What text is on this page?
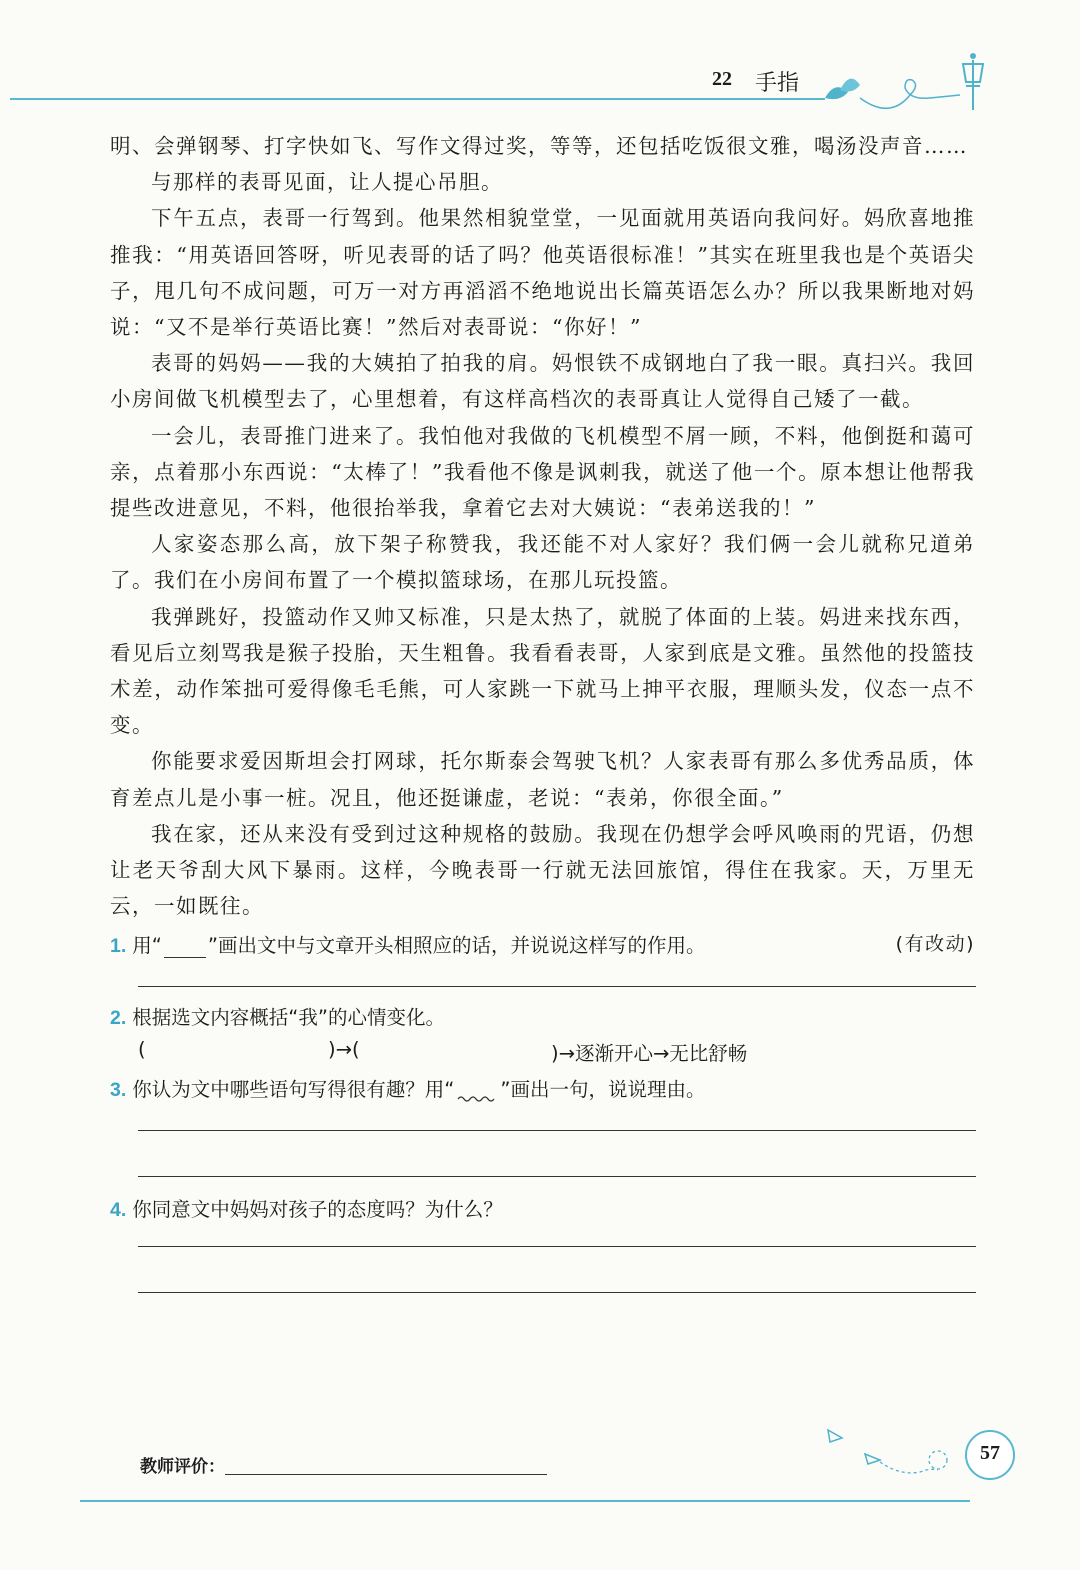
22 手指

明、会弹钢琴、打字快如飞、写作文得过奖，等等，还包括吃饭很文雅，喝汤没声音……

与那样的表哥见面，让人提心吊胆。

下午五点，表哥一行驾到。他果然相貌堂堂，一见面就用英语向我问好。妈欣喜地推推我：“用英语回答呀，听见表哥的话了吗？他英语很标准！”其实在班里我也是个英语尖子，甩几句不成问题，可万一对方再滔滔不绝地说出长篇英语怎么办？所以我果断地对妈说：“又不是举行英语比赛！”然后对表哥说：“你好！”

表哥的妈妈——我的大姨拍了拍我的肩。妈恨铁不成钢地白了我一眼。真扫兴。我回小房间做飞机模型去了，心里想着，有这样高档次的表哥真让人觉得自己矮了一截。

一会儿，表哥推门进来了。我怕他对我做的飞机模型不屑一顾，不料，他倒挺和蔼可亲，点着那小东西说：“太棒了！”我看他不像是讽刺我，就送了他一个。原本想让他帮我提些改进意见，不料，他很抬举我，拿着它去对大姨说：“表弟送我的！”

人家姿态那么高，放下架子称赞我，我还能不对人家好？我们俩一会儿就称兄道弟了。我们在小房间布置了一个模拟篮球场，在那儿玩投篮。

我弹跳好，投篮动作又帅又标准，只是太热了，就脱了体面的上装。妈进来找东西，看见后立刻骂我是猴子投胎，天生粗鲁。我看看表哥，人家到底是文雅。虽然他的投篮技术差，动作笨拙可爱得像毛毛熊，可人家跳一下就马上抻平衣服，理顺头发，仪态一点不变。

你能要求爱因斯坦会打网球，托尔斯泰会驾驶飞机？人家表哥有那么多优秀品质，体育差点儿是小事一桩。况且，他还挺谦虚，老说：“表弟，你很全面。”

我在家，还从来没有受到过这种规格的鼓励。我现在仍想学会呼风唤雨的咒语，仍想让老天爷刮大风下暴雨。这样，今晚表哥一行就无法回旅馆，得住在我家。天，万里无云，一如既往。

(有改动)
1. 用“ ”画出文中与文章开头相照应的话，并说说这样写的作用。
2. 根据选文内容概括“我”的心情变化。
(	)→(	)→逐渐开心→无比舒畅
3. 你认为文中哪些语句写得很有趣？用“ ”画出一句，说说理由。
4. 你同意文中妈妈对孩子的态度吗？为什么？
教师评价：
57
